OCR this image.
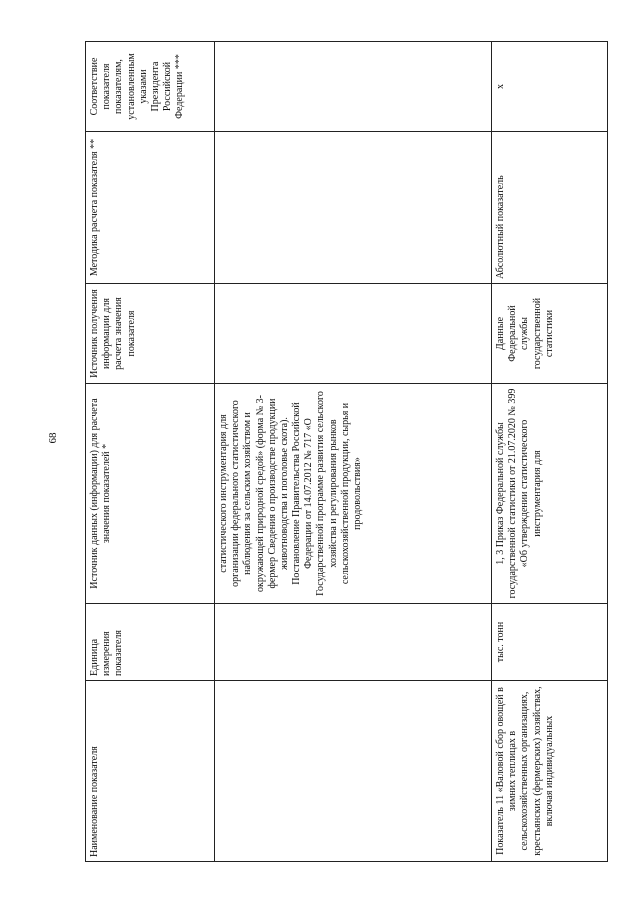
68
Наименование показателя	Единица измерения показателя	Источник данных (информации) для расчета значения показателей *	Источник получения информации для расчета значения показателя	Методика расчета показателя **	Соответствие показателя показателям, установленным указами Президента Российской Федерации ***
		статистического инструментария для организации федерального статистического наблюдения за сельским хозяйством и окружающей природной средой» (форма № 3-фермер Сведения о производстве продукции животноводства и поголовье скота). Постановление Правительства Российской Федерации от 14.07.2012 № 717 «О Государственной программе развития сельского хозяйства и регулирования рынков сельскохозяйственной продукции, сырья и продовольствия»			
Показатель 11 «Валовой сбор овощей в зимних теплицах в сельскохозяйственных организациях, крестьянских (фермерских) хозяйствах, включая индивидуальных	тыс. тонн	1, 3 Приказ Федеральной службы государственной статистики от 21.07.2020 № 399 «Об утверждении статистического инструментария для	Данные Федеральной службы государственной статистики	Абсолютный показатель	х
